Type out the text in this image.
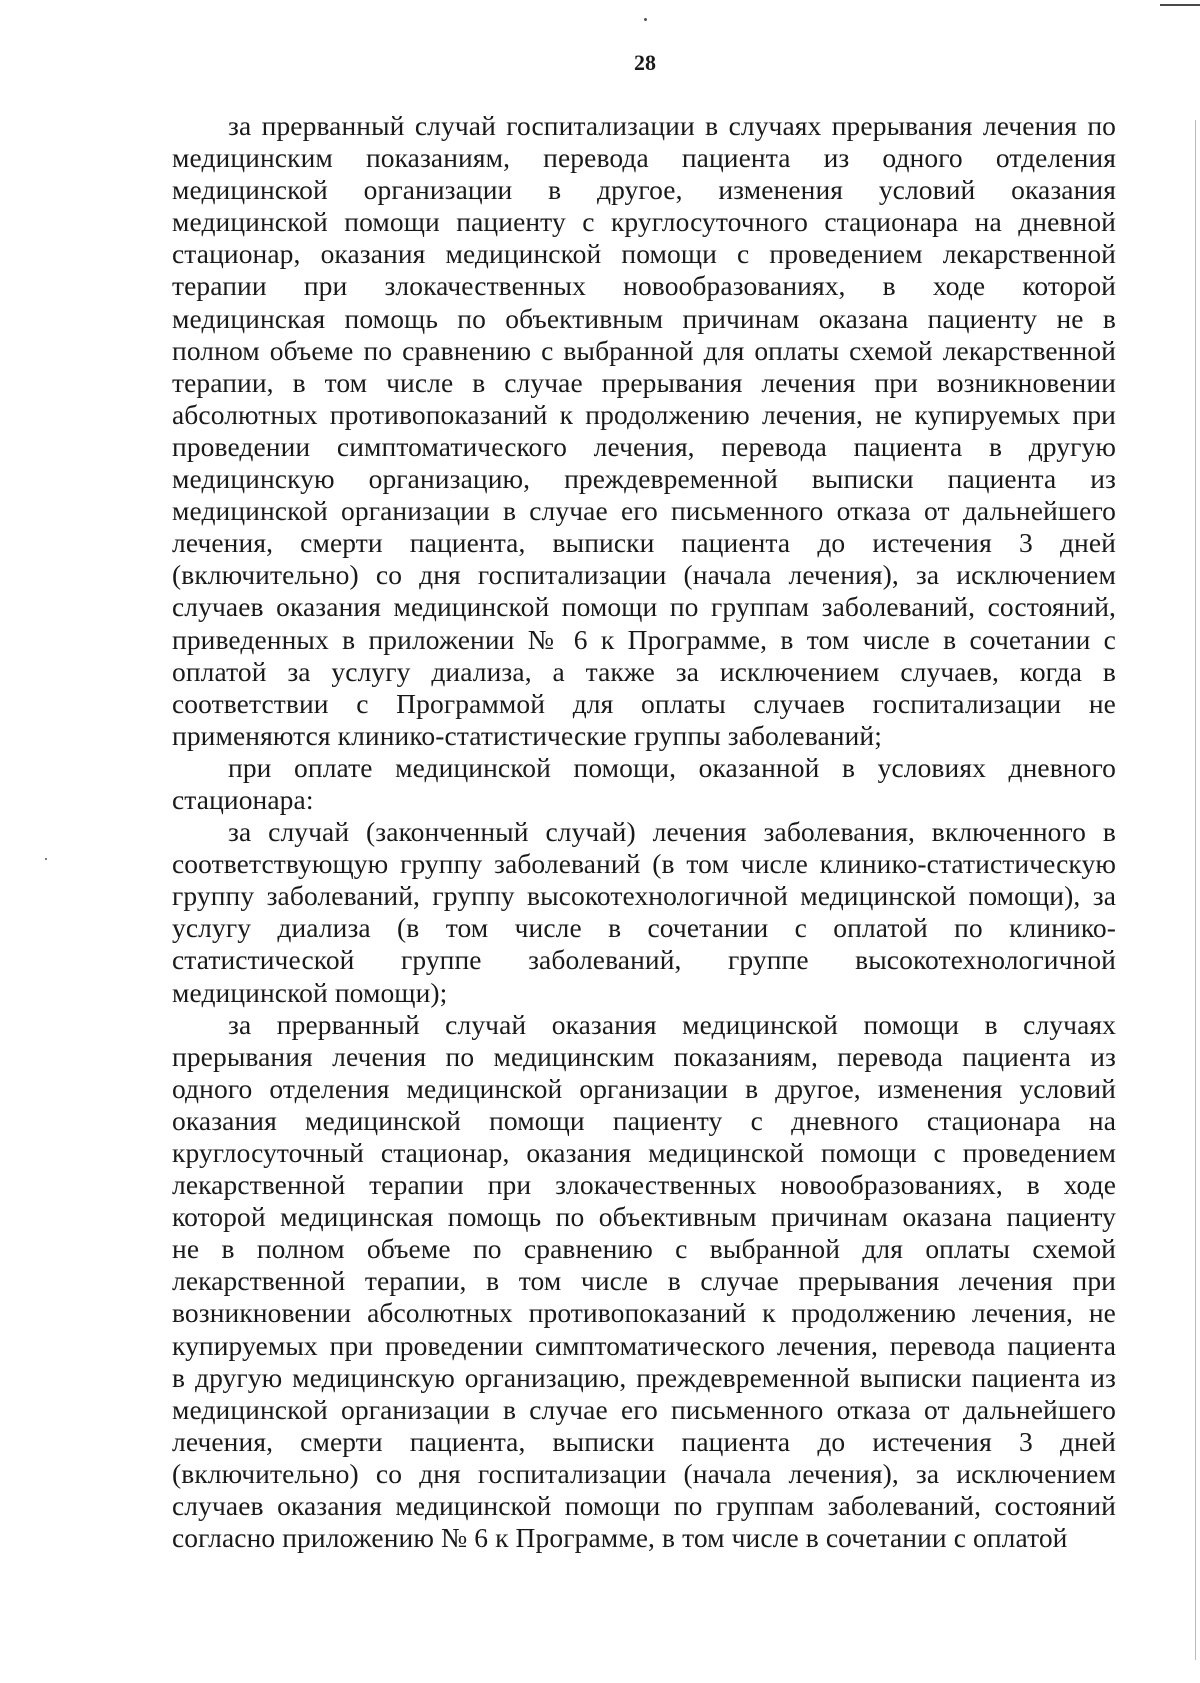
28
за прерванный случай госпитализации в случаях прерывания лечения по
медицинским показаниям, перевода пациента из одного отделения
медицинской организации в другое, изменения условий оказания
медицинской помощи пациенту с круглосуточного стационара на дневной
стационар, оказания медицинской помощи с проведением лекарственной
терапии при злокачественных новообразованиях, в ходе которой
медицинская помощь по объективным причинам оказана пациенту не в
полном объеме по сравнению с выбранной для оплаты схемой лекарственной
терапии, в том числе в случае прерывания лечения при возникновении
абсолютных противопоказаний к продолжению лечения, не купируемых при
проведении симптоматического лечения, перевода пациента в другую
медицинскую организацию, преждевременной выписки пациента из
медицинской организации в случае его письменного отказа от дальнейшего
лечения, смерти пациента, выписки пациента до истечения 3 дней
(включительно) со дня госпитализации (начала лечения), за исключением
случаев оказания медицинской помощи по группам заболеваний, состояний,
приведенных в приложении № 6 к Программе, в том числе в сочетании с
оплатой за услугу диализа, а также за исключением случаев, когда в
соответствии с Программой для оплаты случаев госпитализации не
применяются клинико-статистические группы заболеваний;
при оплате медицинской помощи, оказанной в условиях дневного
стационара:
за случай (законченный случай) лечения заболевания, включенного в
соответствующую группу заболеваний (в том числе клинико-статистическую
группу заболеваний, группу высокотехнологичной медицинской помощи), за
услугу диализа (в том числе в сочетании с оплатой по клинико-
статистической группе заболеваний, группе высокотехнологичной
медицинской помощи);
за прерванный случай оказания медицинской помощи в случаях
прерывания лечения по медицинским показаниям, перевода пациента из
одного отделения медицинской организации в другое, изменения условий
оказания медицинской помощи пациенту с дневного стационара на
круглосуточный стационар, оказания медицинской помощи с проведением
лекарственной терапии при злокачественных новообразованиях, в ходе
которой медицинская помощь по объективным причинам оказана пациенту
не в полном объеме по сравнению с выбранной для оплаты схемой
лекарственной терапии, в том числе в случае прерывания лечения при
возникновении абсолютных противопоказаний к продолжению лечения, не
купируемых при проведении симптоматического лечения, перевода пациента
в другую медицинскую организацию, преждевременной выписки пациента из
медицинской организации в случае его письменного отказа от дальнейшего
лечения, смерти пациента, выписки пациента до истечения 3 дней
(включительно) со дня госпитализации (начала лечения), за исключением
случаев оказания медицинской помощи по группам заболеваний, состояний
согласно приложению № 6 к Программе, в том числе в сочетании с оплатой
